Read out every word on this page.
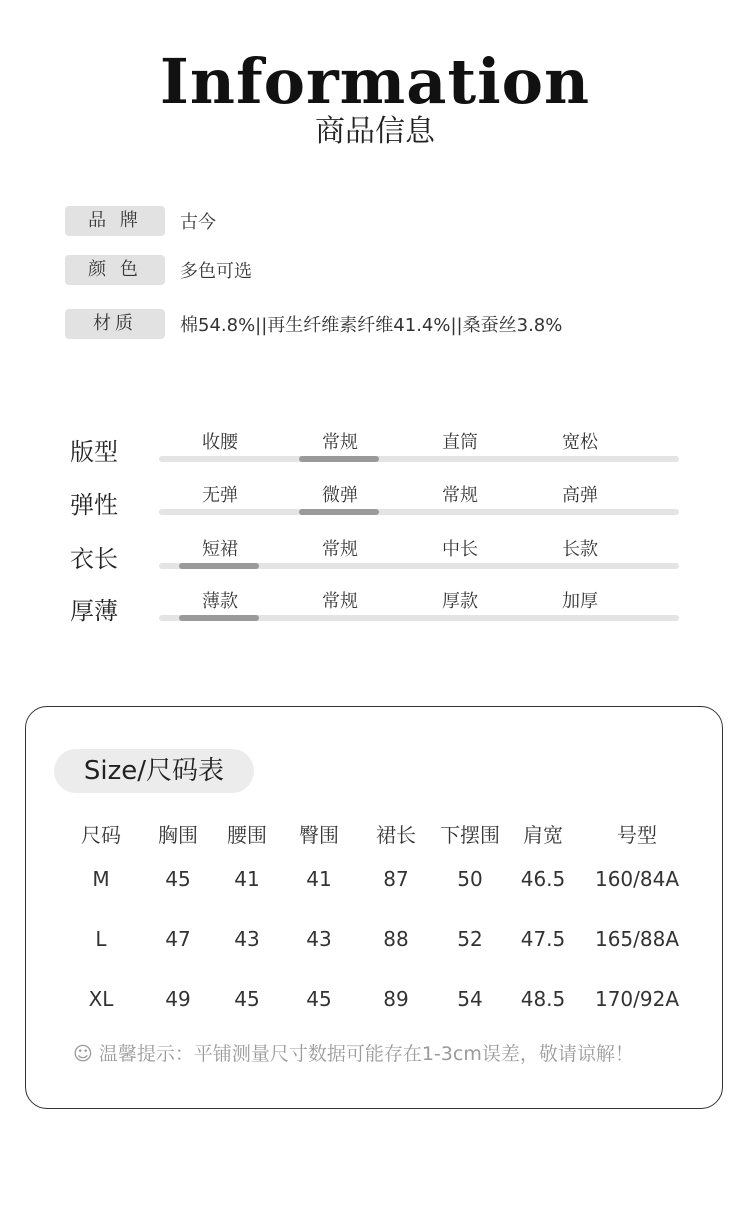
Information
商品信息
品 牌	古今
颜 色	多色可选
材质	棉54.8%||再生纤维素纤维41.4%||桑蚕丝3.8%
版型	收腰	常规	直筒	宽松
弹性	无弹	微弹	常规	高弹
衣长	短裙	常规	中长	长款
厚薄	薄款	常规	厚款	加厚
Size/尺码表
尺码	胸围	腰围	臀围	裙长	下摆围	肩宽	号型
M	45	41	41	87	50	46.5	160/84A
L	47	43	43	88	52	47.5	165/88A
XL	49	45	45	89	54	48.5	170/92A
☺ 温馨提示：平铺测量尺寸数据可能存在1-3cm误差，敬请谅解！
